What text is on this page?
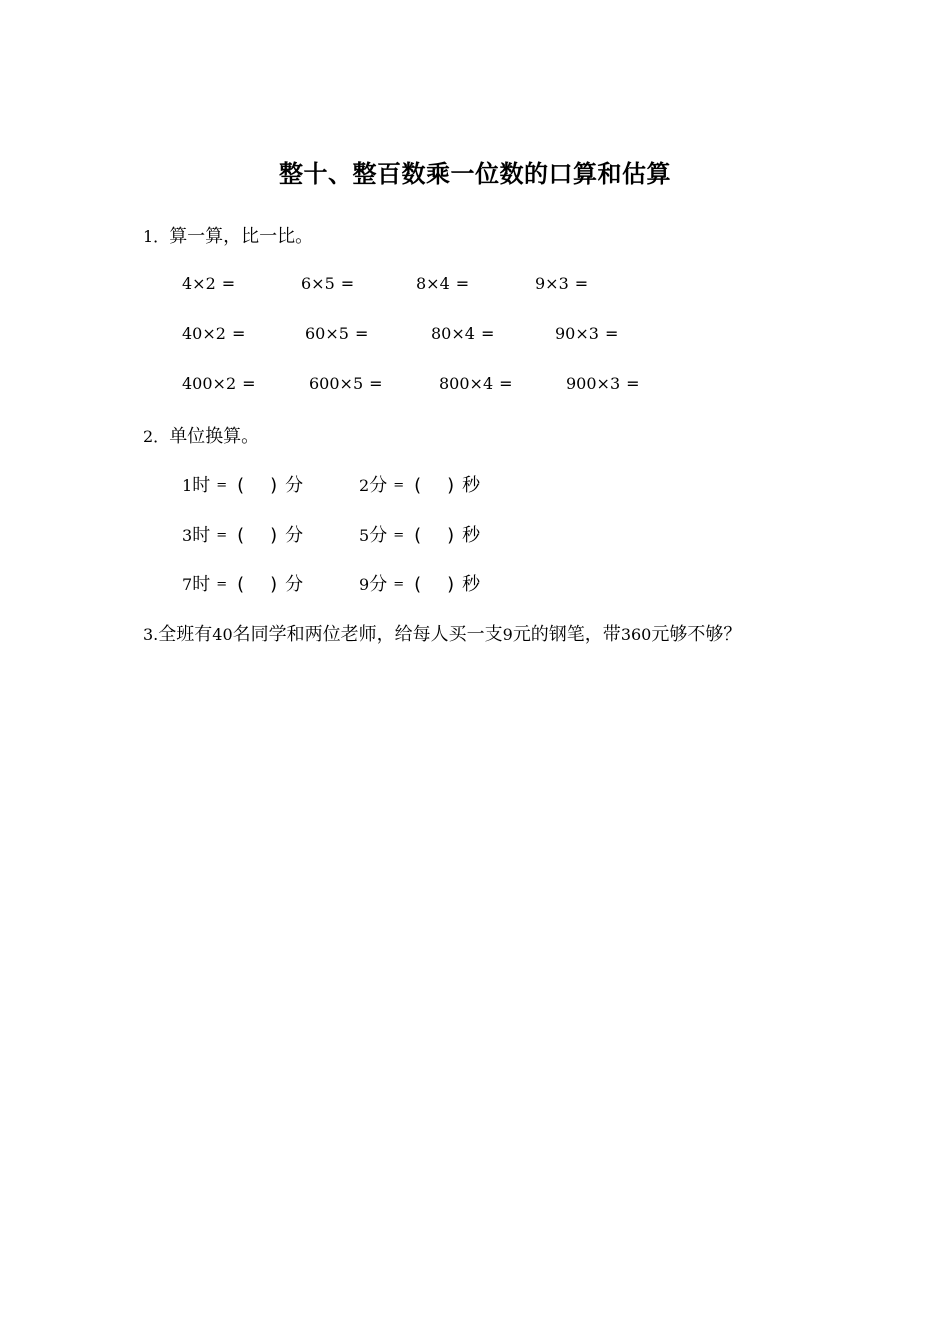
整十、整百数乘一位数的口算和估算
1．算一算，比一比。
4×2 =	6×5 =	8×4 =	9×3 =
40×2 =	60×5 =	80×4 =	90×3 =
400×2 =	600×5 =	800×4 =	900×3 =
2．单位换算。
1时 = ( ) 分	2分 = ( ) 秒
3时 = ( ) 分	5分 = ( ) 秒
7时 = ( ) 分	9分 = ( ) 秒
3.全班有40名同学和两位老师，给每人买一支9元的钢笔，带360元够不够？
